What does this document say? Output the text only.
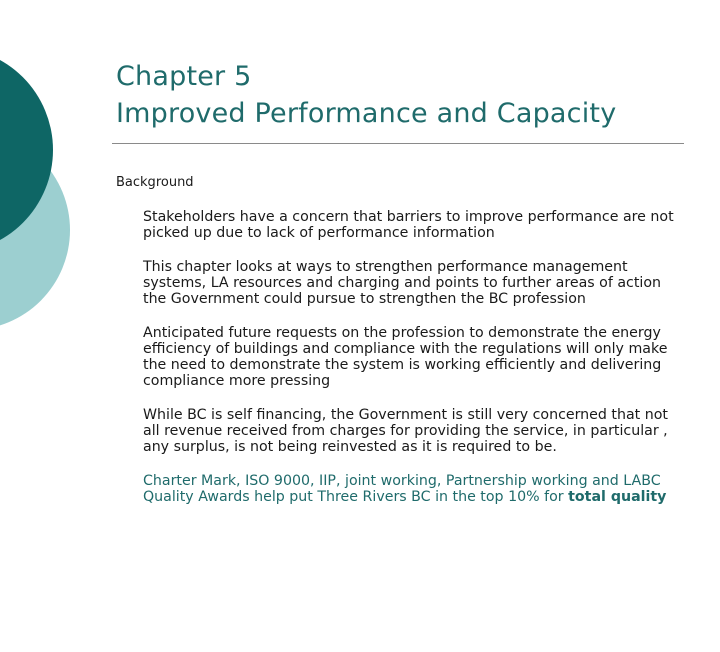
Chapter 5
Improved Performance and Capacity
Background

Stakeholders have a concern that barriers to improve performance are not picked up due to lack of performance information

This chapter looks at ways to strengthen performance management systems, LA resources and charging and points to further areas of action the Government could pursue to strengthen the BC profession

Anticipated future requests on the profession to demonstrate the energy efficiency of buildings and compliance with the regulations will only make the need to demonstrate the system is working efficiently and delivering compliance more pressing

While BC is self financing, the Government is still very concerned that not all revenue received from charges for providing the service, in particular , any surplus, is not being reinvested as it is required to be.

Charter Mark, ISO 9000, IIP, joint working, Partnership working and LABC Quality Awards help put Three Rivers BC in the top 10% for total quality
